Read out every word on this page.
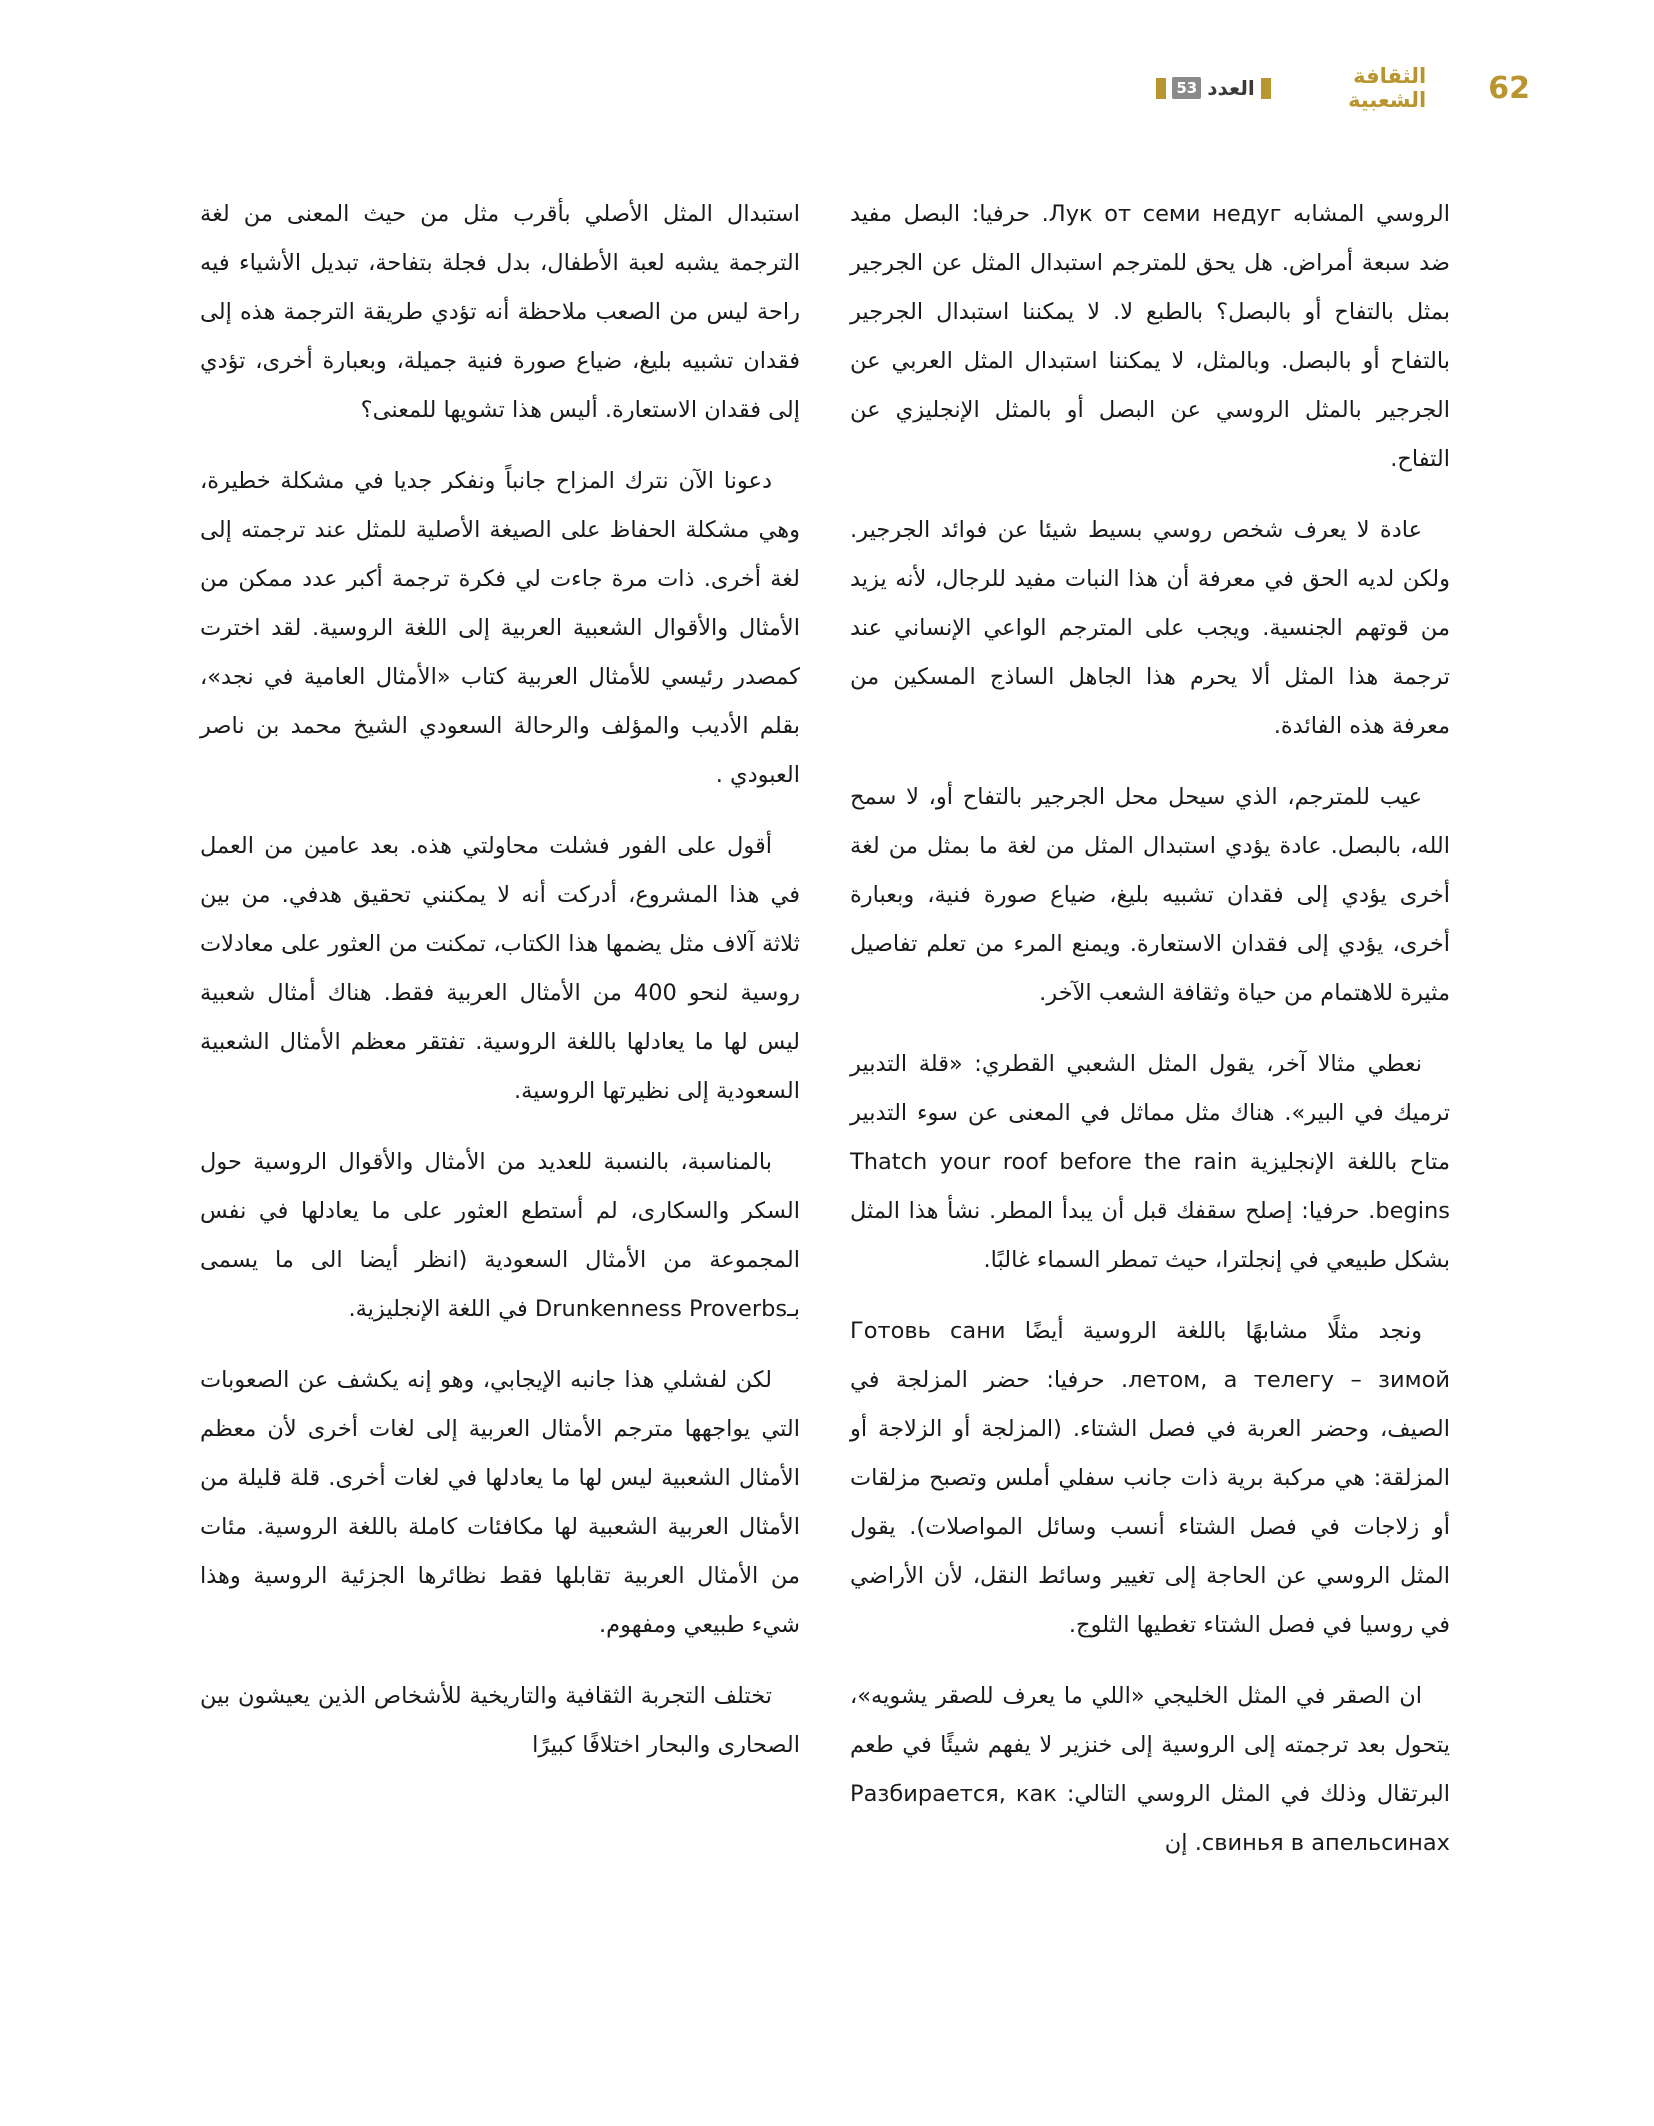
62
الثقافة الشعبية
العدد
53

الروسي المشابه Лук от семи недуг. حرفيا: البصل مفيد ضد سبعة أمراض. هل يحق للمترجم استبدال المثل عن الجرجير بمثل بالتفاح أو بالبصل؟ بالطبع لا. لا يمكننا استبدال الجرجير بالتفاح أو بالبصل. وبالمثل، لا يمكننا استبدال المثل العربي عن الجرجير بالمثل الروسي عن البصل أو بالمثل الإنجليزي عن التفاح.

عادة لا يعرف شخص روسي بسيط شيئا عن فوائد الجرجير. ولكن لديه الحق في معرفة أن هذا النبات مفيد للرجال، لأنه يزيد من قوتهم الجنسية. ويجب على المترجم الواعي الإنساني عند ترجمة هذا المثل ألا يحرم هذا الجاهل الساذج المسكين من معرفة هذه الفائدة.

عيب للمترجم، الذي سيحل محل الجرجير بالتفاح أو، لا سمح الله، بالبصل. عادة يؤدي استبدال المثل من لغة ما بمثل من لغة أخرى يؤدي إلى فقدان تشبيه بليغ، ضياع صورة فنية، وبعبارة أخرى، يؤدي إلى فقدان الاستعارة. ويمنع المرء من تعلم تفاصيل مثيرة للاهتمام من حياة وثقافة الشعب الآخر.

نعطي مثالا آخر، يقول المثل الشعبي القطري: «قلة التدبير ترميك في البير». هناك مثل مماثل في المعنى عن سوء التدبير متاح باللغة الإنجليزية Thatch your roof before the rain begins. حرفيا: إصلح سقفك قبل أن يبدأ المطر. نشأ هذا المثل بشكل طبيعي في إنجلترا، حيث تمطر السماء غالبًا.

ونجد مثلًا مشابهًا باللغة الروسية أيضًا Готовь сани летом, а телегу – зимой. حرفيا: حضر المزلجة في الصيف، وحضر العربة في فصل الشتاء. (المزلجة أو الزلاجة أو المزلقة: هي مركبة برية ذات جانب سفلي أملس وتصبح مزلقات أو زلاجات في فصل الشتاء أنسب وسائل المواصلات). يقول المثل الروسي عن الحاجة إلى تغيير وسائط النقل، لأن الأراضي في روسيا في فصل الشتاء تغطيها الثلوج.

ان الصقر في المثل الخليجي «اللي ما يعرف للصقر يشويه»، يتحول بعد ترجمته إلى الروسية إلى خنزير لا يفهم شيئًا في طعم البرتقال وذلك في المثل الروسي التالي: Разбирается, как свинья в апельсинах. إن

استبدال المثل الأصلي بأقرب مثل من حيث المعنى من لغة الترجمة يشبه لعبة الأطفال، بدل فجلة بتفاحة، تبديل الأشياء فيه راحة ليس من الصعب ملاحظة أنه تؤدي طريقة الترجمة هذه إلى فقدان تشبيه بليغ، ضياع صورة فنية جميلة، وبعبارة أخرى، تؤدي إلى فقدان الاستعارة. أليس هذا تشويها للمعنى؟

دعونا الآن نترك المزاح جانباً ونفكر جديا في مشكلة خطيرة، وهي مشكلة الحفاظ على الصيغة الأصلية للمثل عند ترجمته إلى لغة أخرى. ذات مرة جاءت لي فكرة ترجمة أكبر عدد ممكن من الأمثال والأقوال الشعبية العربية إلى اللغة الروسية. لقد اخترت كمصدر رئيسي للأمثال العربية كتاب «الأمثال العامية في نجد»، بقلم الأديب والمؤلف والرحالة السعودي الشيخ محمد بن ناصر العبودي .

أقول على الفور فشلت محاولتي هذه. بعد عامين من العمل في هذا المشروع، أدركت أنه لا يمكنني تحقيق هدفي. من بين ثلاثة آلاف مثل يضمها هذا الكتاب، تمكنت من العثور على معادلات روسية لنحو 400 من الأمثال العربية فقط. هناك أمثال شعبية ليس لها ما يعادلها باللغة الروسية. تفتقر معظم الأمثال الشعبية السعودية إلى نظيرتها الروسية.

بالمناسبة، بالنسبة للعديد من الأمثال والأقوال الروسية حول السكر والسكارى، لم أستطع العثور على ما يعادلها في نفس المجموعة من الأمثال السعودية (انظر أيضا الى ما يسمى بـDrunkenness Proverbs في اللغة الإنجليزية.

لكن لفشلي هذا جانبه الإيجابي، وهو إنه يكشف عن الصعوبات التي يواجهها مترجم الأمثال العربية إلى لغات أخرى لأن معظم الأمثال الشعبية ليس لها ما يعادلها في لغات أخرى. قلة قليلة من الأمثال العربية الشعبية لها مكافئات كاملة باللغة الروسية. مئات من الأمثال العربية تقابلها فقط نظائرها الجزئية الروسية وهذا شيء طبيعي ومفهوم.

تختلف التجربة الثقافية والتاريخية للأشخاص الذين يعيشون بين الصحارى والبحار اختلافًا كبيرًا
